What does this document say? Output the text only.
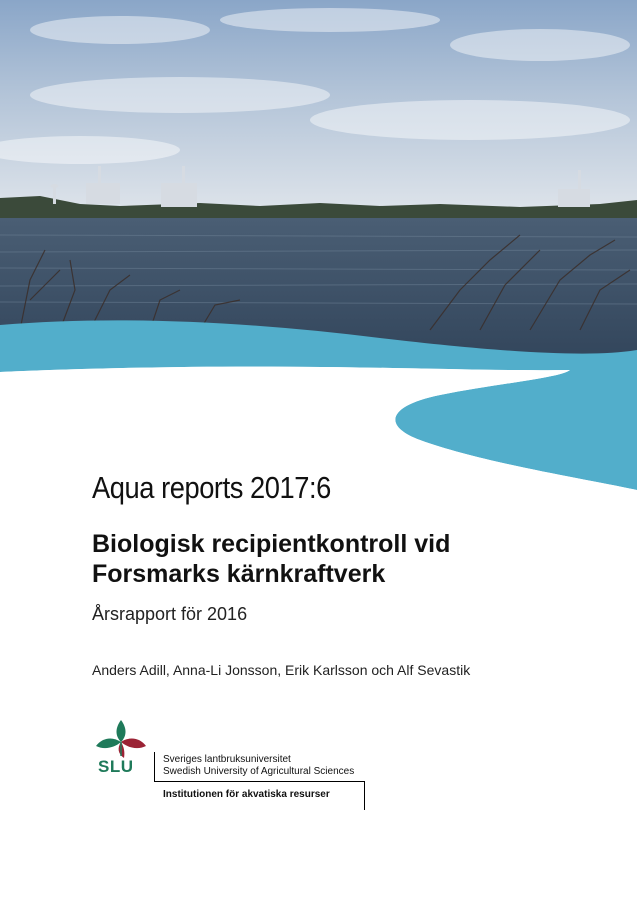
Aqua reports 2017:6
Biologisk recipientkontroll vid
Forsmarks kärnkraftverk

Årsrapport för 2016

Anders Adill, Anna-Li Jonsson, Erik Karlsson och Alf Sevastik

SLU	Sveriges lantbruksuniversitet
Swedish University of Agricultural Sciences
Institutionen för akvatiska resurser
